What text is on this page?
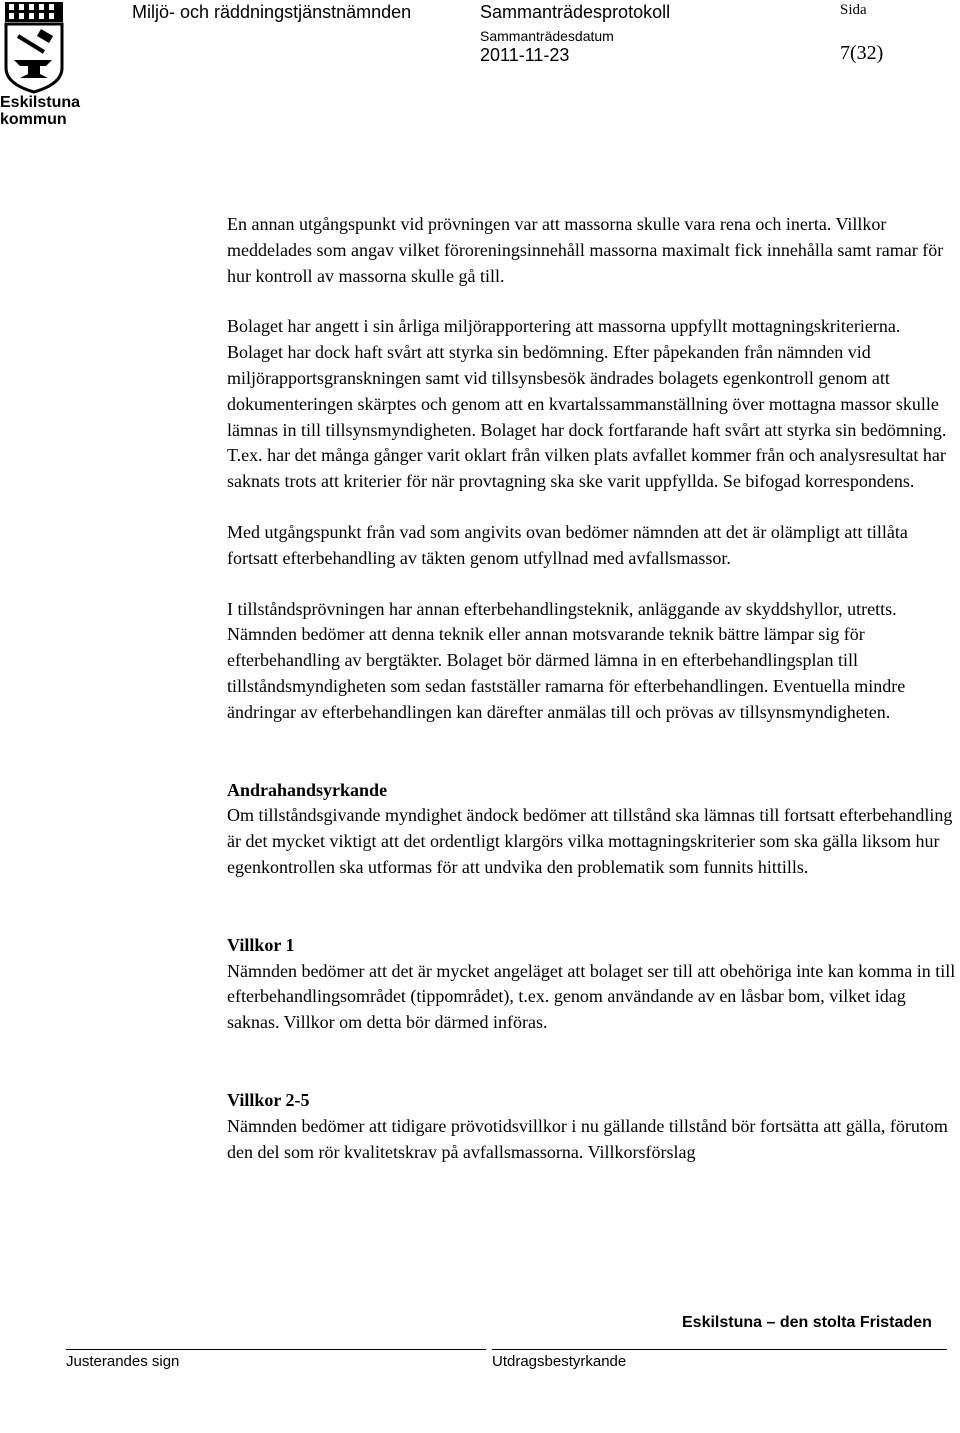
Eskilstuna
kommun
Miljö- och räddningstjänstnämnden	Sammanträdesprotokoll	Sida
Sammanträdesdatum
2011-11-23	7(32)

En annan utgångspunkt vid prövningen var att massorna skulle vara rena och inerta. Villkor meddelades som angav vilket föroreningsinnehåll massorna maximalt fick innehålla samt ramar för hur kontroll av massorna skulle gå till.

Bolaget har angett i sin årliga miljörapportering att massorna uppfyllt mottagningskriterierna. Bolaget har dock haft svårt att styrka sin bedömning. Efter påpekanden från nämnden vid miljörapportsgranskningen samt vid tillsynsbesök ändrades bolagets egenkontroll genom att dokumenteringen skärptes och genom att en kvartalssammanställning över mottagna massor skulle lämnas in till tillsynsmyndigheten. Bolaget har dock fortfarande haft svårt att styrka sin bedömning. T.ex. har det många gånger varit oklart från vilken plats avfallet kommer från och analysresultat har saknats trots att kriterier för när provtagning ska ske varit uppfyllda. Se bifogad korrespondens.

Med utgångspunkt från vad som angivits ovan bedömer nämnden att det är olämpligt att tillåta fortsatt efterbehandling av täkten genom utfyllnad med avfallsmassor.

I tillståndsprövningen har annan efterbehandlingsteknik, anläggande av skyddshyllor, utretts. Nämnden bedömer att denna teknik eller annan motsvarande teknik bättre lämpar sig för efterbehandling av bergtäkter. Bolaget bör därmed lämna in en efterbehandlingsplan till tillståndsmyndigheten som sedan fastställer ramarna för efterbehandlingen. Eventuella mindre ändringar av efterbehandlingen kan därefter anmälas till och prövas av tillsynsmyndigheten.

Andrahandsyrkande

Om tillståndsgivande myndighet ändock bedömer att tillstånd ska lämnas till fortsatt efterbehandling är det mycket viktigt att det ordentligt klargörs vilka mottagningskriterier som ska gälla liksom hur egenkontrollen ska utformas för att undvika den problematik som funnits hittills.

Villkor 1

Nämnden bedömer att det är mycket angeläget att bolaget ser till att obehöriga inte kan komma in till efterbehandlingsområdet (tippområdet), t.ex. genom användande av en låsbar bom, vilket idag saknas. Villkor om detta bör därmed införas.

Villkor 2-5

Nämnden bedömer att tidigare prövotidsvillkor i nu gällande tillstånd bör fortsätta att gälla, förutom den del som rör kvalitetskrav på avfallsmassorna. Villkorsförslag

Eskilstuna – den stolta Fristaden
Justerandes sign	Utdragsbestyrkande
